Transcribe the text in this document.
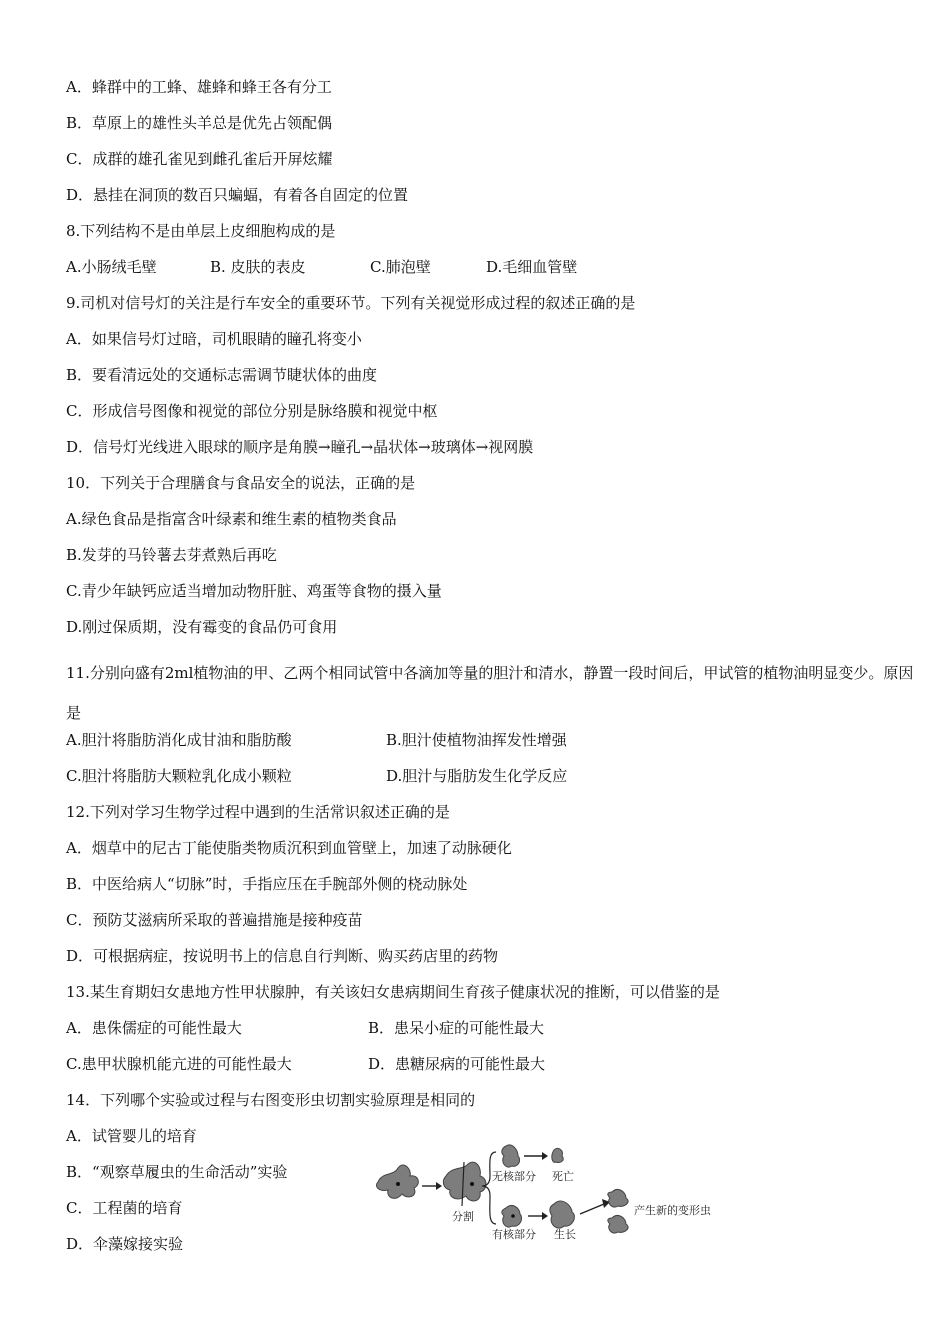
A．蜂群中的工蜂、雄蜂和蜂王各有分工
B．草原上的雄性头羊总是优先占领配偶
C．成群的雄孔雀见到雌孔雀后开屏炫耀
D．悬挂在洞顶的数百只蝙蝠，有着各自固定的位置
8.下列结构不是由单层上皮细胞构成的是
A.小肠绒毛壁	B. 皮肤的表皮	C.肺泡壁	D.毛细血管壁
9.司机对信号灯的关注是行车安全的重要环节。下列有关视觉形成过程的叙述正确的是
A．如果信号灯过暗，司机眼睛的瞳孔将变小
B．要看清远处的交通标志需调节睫状体的曲度
C．形成信号图像和视觉的部位分别是脉络膜和视觉中枢
D．信号灯光线进入眼球的顺序是角膜→瞳孔→晶状体→玻璃体→视网膜
10．下列关于合理膳食与食品安全的说法，正确的是
A.绿色食品是指富含叶绿素和维生素的植物类食品
B.发芽的马铃薯去芽煮熟后再吃
C.青少年缺钙应适当增加动物肝脏、鸡蛋等食物的摄入量
D.刚过保质期，没有霉变的食品仍可食用
11.分别向盛有2ml植物油的甲、乙两个相同试管中各滴加等量的胆汁和清水，静置一段时间后，甲试管的植物油明显变少。原因是
A.胆汁将脂肪消化成甘油和脂肪酸	B.胆汁使植物油挥发性增强
C.胆汁将脂肪大颗粒乳化成小颗粒	D.胆汁与脂肪发生化学反应
12.下列对学习生物学过程中遇到的生活常识叙述正确的是
A．烟草中的尼古丁能使脂类物质沉积到血管壁上，加速了动脉硬化
B．中医给病人“切脉”时，手指应压在手腕部外侧的桡动脉处
C．预防艾滋病所采取的普遍措施是接种疫苗
D．可根据病症，按说明书上的信息自行判断、购买药店里的药物
13.某生育期妇女患地方性甲状腺肿，有关该妇女患病期间生育孩子健康状况的推断，可以借鉴的是
A．患侏儒症的可能性最大	B．患呆小症的可能性最大
C.患甲状腺机能亢进的可能性最大	D．患糖尿病的可能性最大
14．下列哪个实验或过程与右图变形虫切割实验原理是相同的
A．试管婴儿的培育
B．“观察草履虫的生命活动”实验
C．工程菌的培育
D．伞藻嫁接实验
分割
无核部分 死亡
有核部分 生长
产生新的变形虫
